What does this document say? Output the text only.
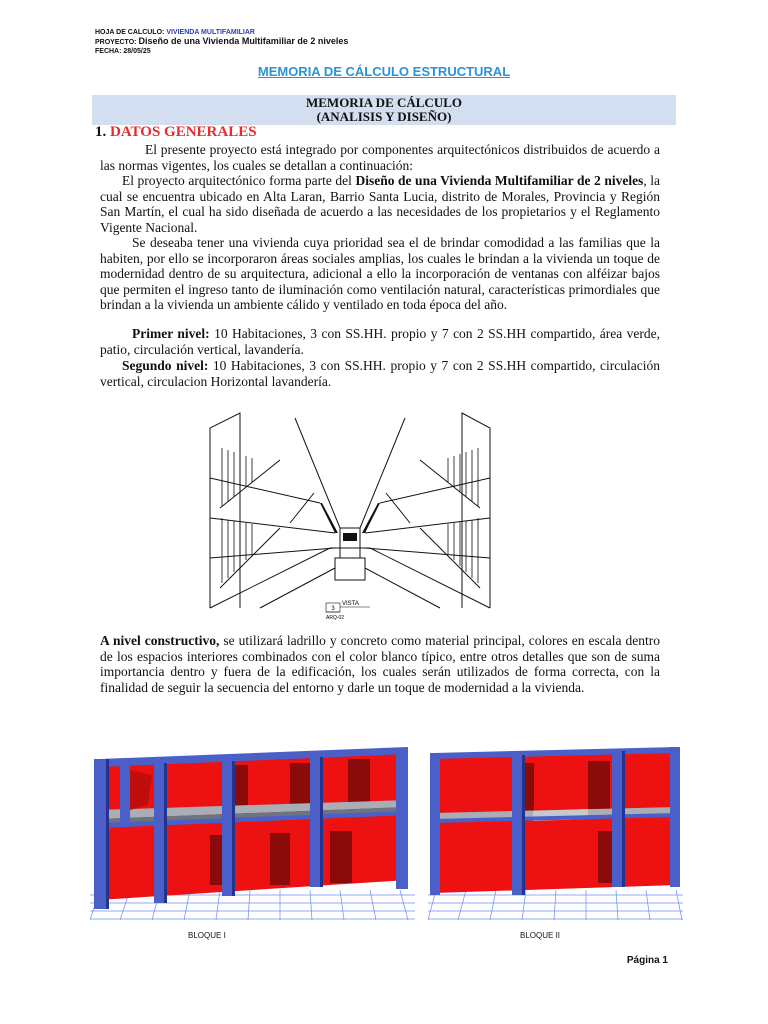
HOJA DE CALCULO: VIVIENDA MULTIFAMILIAR
PROYECTO: Diseño de una Vivienda Multifamiliar de 2 niveles
FECHA: 28/05/25
MEMORIA DE CÁLCULO ESTRUCTURAL
MEMORIA DE CÁLCULO
(ANALISIS Y DISEÑO)
1. DATOS GENERALES
El presente proyecto está integrado por componentes arquitectónicos distribuidos de acuerdo a las normas vigentes, los cuales se detallan a continuación:
El proyecto arquitectónico forma parte del Diseño de una Vivienda Multifamiliar de 2 niveles, la cual se encuentra ubicado en Alta Laran, Barrio Santa Lucia, distrito de Morales, Provincia y Región San Martín, el cual ha sido diseñada de acuerdo a las necesidades de los propietarios y el Reglamento Vigente Nacional.
Se deseaba tener una vivienda cuya prioridad sea el de brindar comodidad a las familias que la habiten, por ello se incorporaron áreas sociales amplias, los cuales le brindan a la vivienda un toque de modernidad dentro de su arquitectura, adicional a ello la incorporación de ventanas con alféizar bajos que permiten el ingreso tanto de iluminación como ventilación natural, características primordiales que brindan a la vivienda un ambiente cálido y ventilado en toda época del año.
Primer nivel: 10 Habitaciones, 3 con SS.HH. propio y 7 con 2 SS.HH compartido, área verde, patio, circulación vertical, lavandería.
Segundo nivel: 10 Habitaciones, 3 con SS.HH. propio y 7 con 2 SS.HH compartido, circulación vertical, circulacion Horizontal lavandería.
3
VISTA
ARQ-02
A nivel constructivo, se utilizará ladrillo y concreto como material principal, colores en escala dentro de los espacios interiores combinados con el color blanco típico, entre otros detalles que son de suma importancia dentro y fuera de la edificación, los cuales serán utilizados de forma correcta, con la finalidad de seguir la secuencia del entorno y darle un toque de modernidad a la vivienda.
BLOQUE I	BLOQUE II
Página 1
